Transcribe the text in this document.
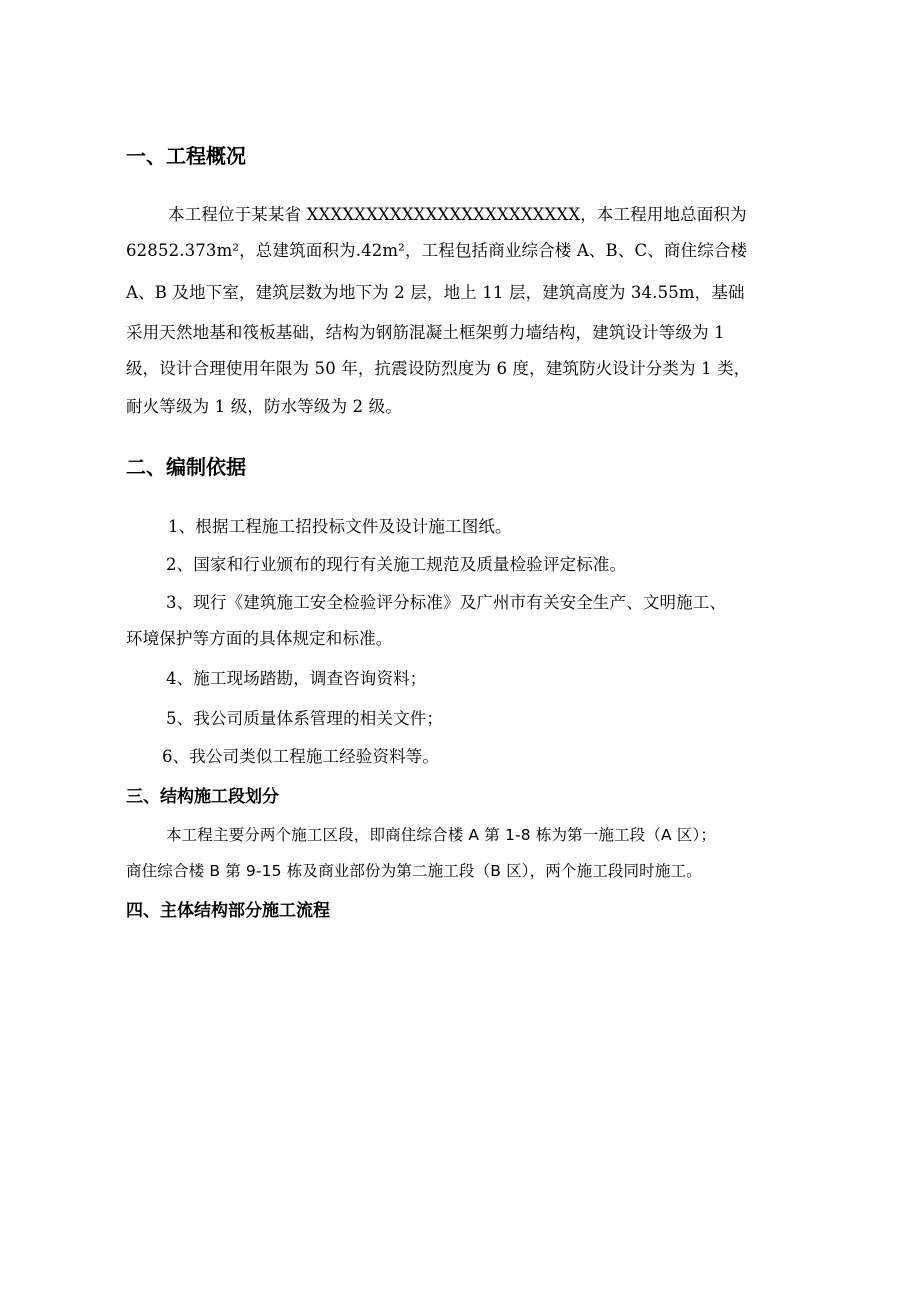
一、工程概况
本工程位于某某省 XXXXXXXXXXXXXXXXXXXXXXX，本工程用地总面积为
62852.373m²，总建筑面积为.42m²，工程包括商业综合楼 A、B、C、商住综合楼
A、B 及地下室，建筑层数为地下为 2 层，地上 11 层，建筑高度为 34.55m，基础
采用天然地基和筏板基础，结构为钢筋混凝土框架剪力墙结构，建筑设计等级为 1
级，设计合理使用年限为 50 年，抗震设防烈度为 6 度，建筑防火设计分类为 1 类，
耐火等级为 1 级，防水等级为 2 级。
二、编制依据
1、根据工程施工招投标文件及设计施工图纸。
2、国家和行业颁布的现行有关施工规范及质量检验评定标准。
3、现行《建筑施工安全检验评分标准》及广州市有关安全生产、文明施工、
环境保护等方面的具体规定和标准。
4、施工现场踏勘，调查咨询资料；
5、我公司质量体系管理的相关文件；
6、我公司类似工程施工经验资料等。
三、结构施工段划分
本工程主要分两个施工区段，即商住综合楼 A 第 1-8 栋为第一施工段（A 区）；
商住综合楼 B 第 9-15 栋及商业部份为第二施工段（B 区），两个施工段同时施工。
四、主体结构部分施工流程
